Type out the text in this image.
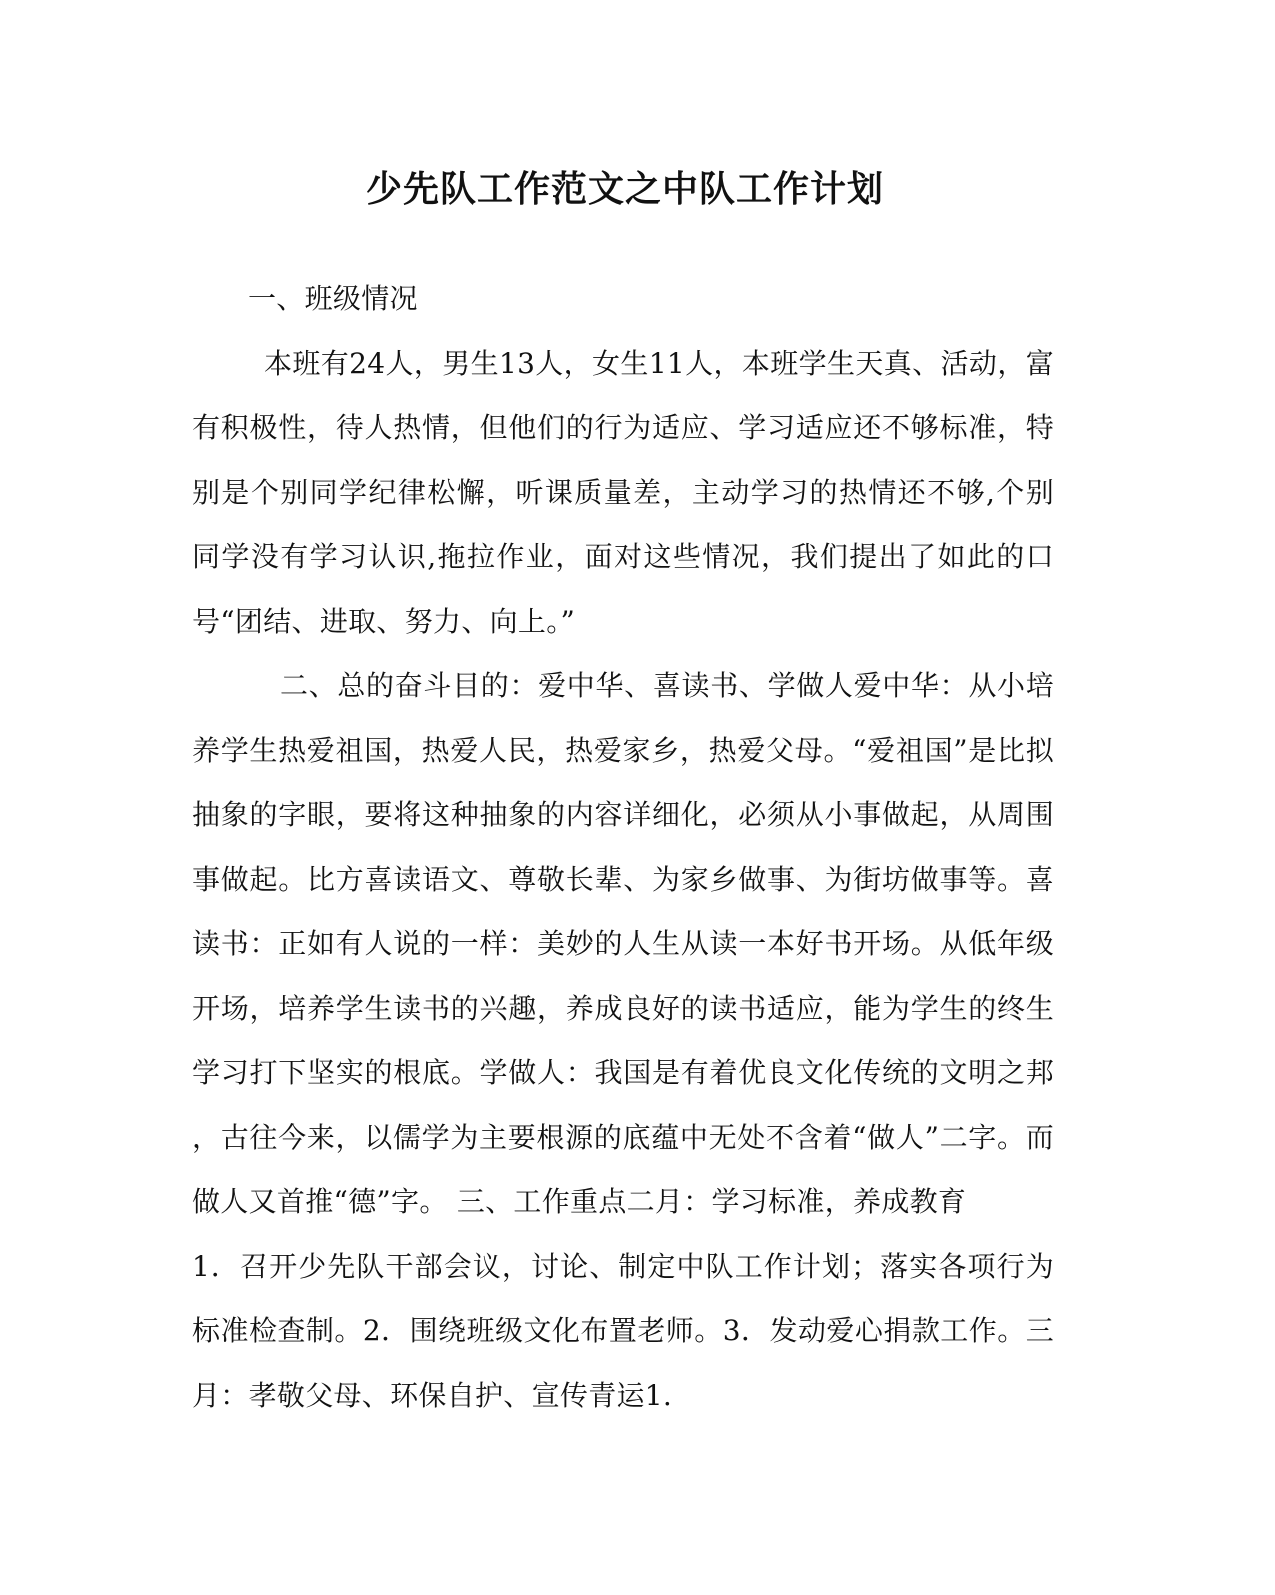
少先队工作范文之中队工作计划
一、班级情况
本班有24人，男生13人，女生11人，本班学生天真、活动，富
有积极性，待人热情，但他们的行为适应、学习适应还不够标准，特
别是个别同学纪律松懈，听课质量差，主动学习的热情还不够,个别
同学没有学习认识,拖拉作业，面对这些情况，我们提出了如此的口
号“团结、进取、努力、向上。”
二、总的奋斗目的：爱中华、喜读书、学做人爱中华：从小培
养学生热爱祖国，热爱人民，热爱家乡，热爱父母。“爱祖国”是比拟
抽象的字眼，要将这种抽象的内容详细化，必须从小事做起，从周围
事做起。比方喜读语文、尊敬长辈、为家乡做事、为街坊做事等。喜
读书：正如有人说的一样：美妙的人生从读一本好书开场。从低年级
开场，培养学生读书的兴趣，养成良好的读书适应，能为学生的终生
学习打下坚实的根底。学做人：我国是有着优良文化传统的文明之邦
，古往今来，以儒学为主要根源的底蕴中无处不含着“做人”二字。而
做人又首推“德”字。 三、工作重点二月：学习标准，养成教育
1．召开少先队干部会议，讨论、制定中队工作计划；落实各项行为
标准检查制。2．围绕班级文化布置老师。3．发动爱心捐款工作。三
月：孝敬父母、环保自护、宣传青运1.
